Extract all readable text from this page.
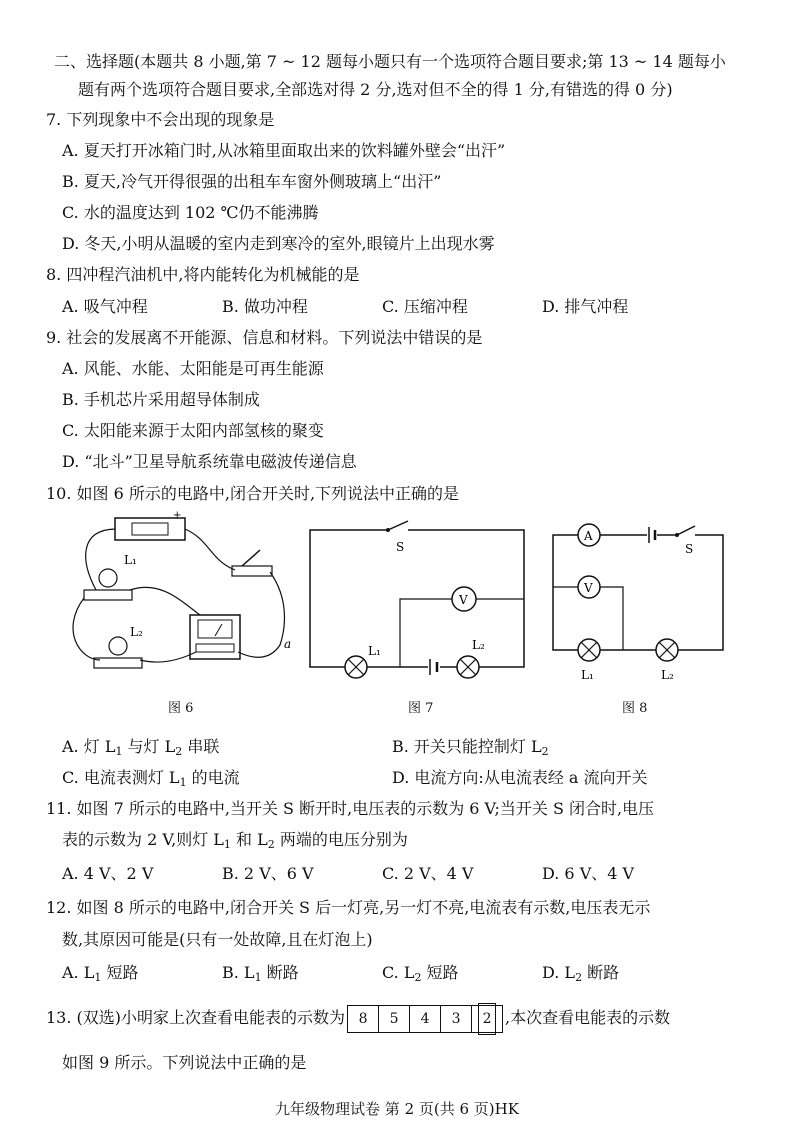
二、选择题(本题共 8 小题,第 7 ~ 12 题每小题只有一个选项符合题目要求;第 13 ~ 14 题每小
题有两个选项符合题目要求,全部选对得 2 分,选对但不全的得 1 分,有错选的得 0 分)
7. 下列现象中不会出现的现象是
A. 夏天打开冰箱门时,从冰箱里面取出来的饮料罐外壁会“出汗”
B. 夏天,冷气开得很强的出租车车窗外侧玻璃上“出汗”
C. 水的温度达到 102 ℃仍不能沸腾
D. 冬天,小明从温暖的室内走到寒冷的室外,眼镜片上出现水雾
8. 四冲程汽油机中,将内能转化为机械能的是
A. 吸气冲程	B. 做功冲程	C. 压缩冲程	D. 排气冲程
9. 社会的发展离不开能源、信息和材料。下列说法中错误的是
A. 风能、水能、太阳能是可再生能源
B. 手机芯片采用超导体制成
C. 太阳能来源于太阳内部氢核的聚变
D. “北斗”卫星导航系统靠电磁波传递信息
10. 如图 6 所示的电路中,闭合开关时,下列说法中正确的是
+
L₁
L₂
a
图 6
S
V
L₁	L₂
图 7
A
S
V
L₁	L₂
图 8
A. 灯 $L_1$ 与灯 $L_2$ 串联	B. 开关只能控制灯 $L_2$
C. 电流表测灯 $L_1$ 的电流	D. 电流方向:从电流表经 a 流向开关
11. 如图 7 所示的电路中,当开关 S 断开时,电压表的示数为 6 V;当开关 S 闭合时,电压
表的示数为 2 V,则灯 $L_1$ 和 $L_2$ 两端的电压分别为
A. 4 V、2 V	B. 2 V、6 V	C. 2 V、4 V	D. 6 V、4 V
12. 如图 8 所示的电路中,闭合开关 S 后一灯亮,另一灯不亮,电流表有示数,电压表无示
数,其原因可能是(只有一处故障,且在灯泡上)
A. $L_1$ 短路	B. $L_1$ 断路	C. $L_2$ 短路	D. $L_2$ 断路
13. (双选)小明家上次查看电能表的示数为 8	5	4	3	2 ,本次查看电能表的示数
如图 9 所示。下列说法中正确的是
九年级物理试卷 第 2 页(共 6 页)HK
